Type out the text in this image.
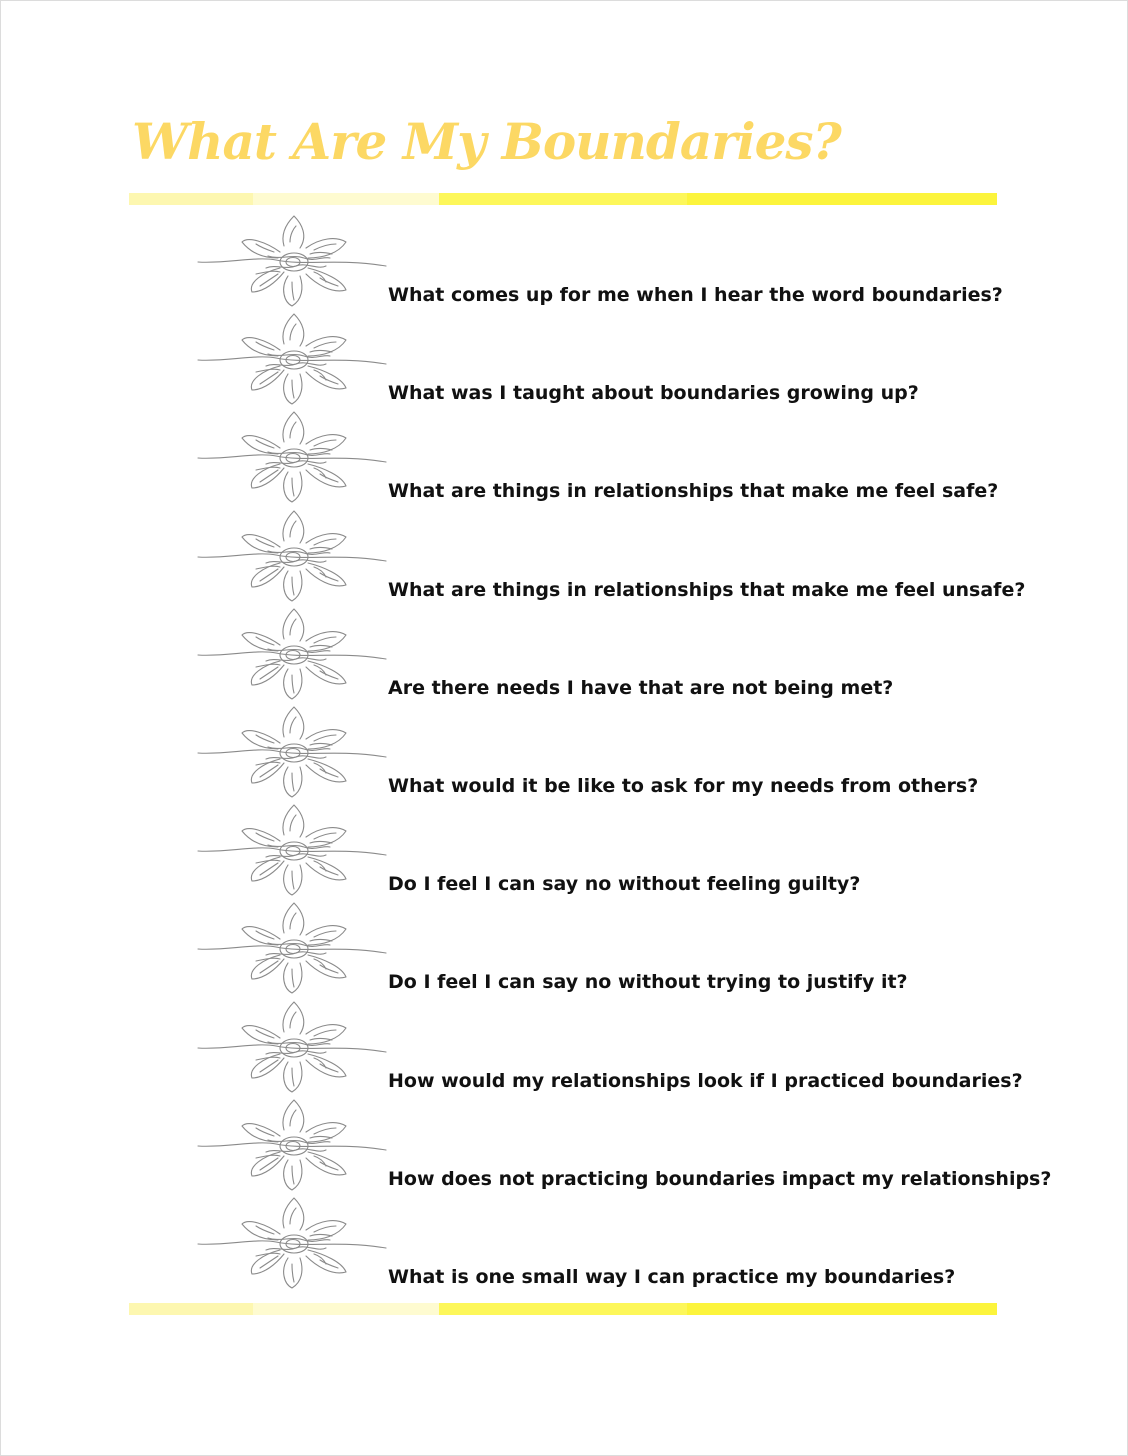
What Are My Boundaries?

What comes up for me when I hear the word boundaries?

What was I taught about boundaries growing up?

What are things in relationships that make me feel safe?

What are things in relationships that make me feel unsafe?

Are there needs I have that are not being met?

What would it be like to ask for my needs from others?

Do I feel I can say no without feeling guilty?

Do I feel I can say no without trying to justify it?

How would my relationships look if I practiced boundaries?

How does not practicing boundaries impact my relationships?

What is one small way I can practice my boundaries?
